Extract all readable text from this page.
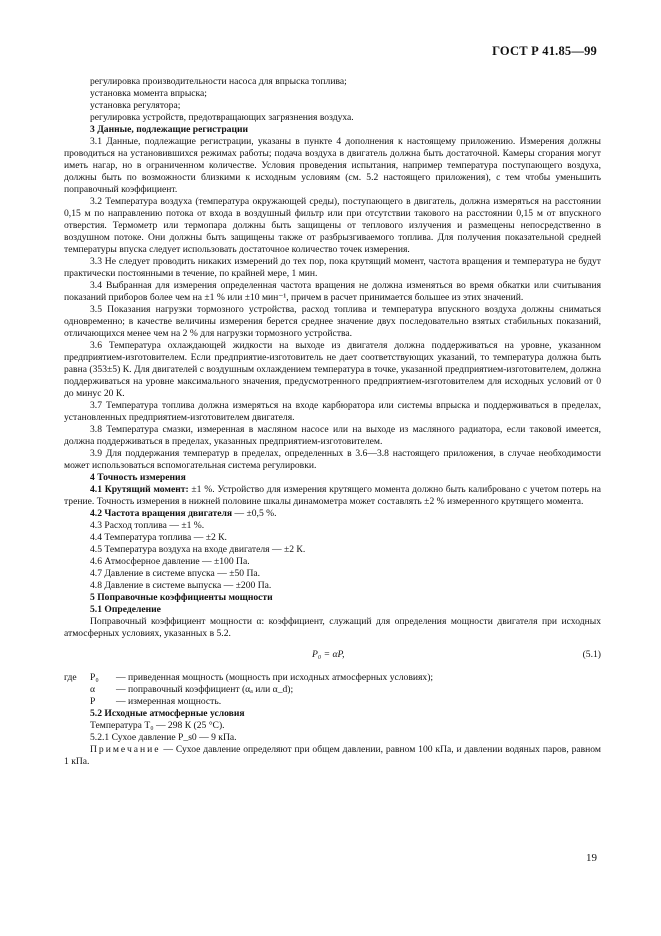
ГОСТ Р 41.85—99

регулировка производительности насоса для впрыска топлива;

установка момента впрыска;

установка регулятора;

регулировка устройств, предотвращающих загрязнения воздуха.

3 Данные, подлежащие регистрации

3.1 Данные, подлежащие регистрации, указаны в пункте 4 дополнения к настоящему приложению. Измерения должны проводиться на установившихся режимах работы; подача воздуха в двигатель должна быть достаточной. Камеры сгорания могут иметь нагар, но в ограниченном количестве. Условия проведения испытания, например температура поступающего воздуха, должны быть по возможности близкими к исходным условиям (см. 5.2 настоящего приложения), с тем чтобы уменьшить поправочный коэффициент.

3.2 Температура воздуха (температура окружающей среды), поступающего в двигатель, должна измеряться на расстоянии 0,15 м по направлению потока от входа в воздушный фильтр или при отсутствии такового на расстоянии 0,15 м от впускного отверстия. Термометр или термопара должны быть защищены от теплового излучения и размещены непосредственно в воздушном потоке. Они должны быть защищены также от разбрызгиваемого топлива. Для получения показательной средней температуры впуска следует использовать достаточное количество точек измерения.

3.3 Не следует проводить никаких измерений до тех пор, пока крутящий момент, частота вращения и температура не будут практически постоянными в течение, по крайней мере, 1 мин.

3.4 Выбранная для измерения определенная частота вращения не должна изменяться во время обкатки или считывания показаний приборов более чем на ±1 % или ±10 мин⁻¹, причем в расчет принимается большее из этих значений.

3.5 Показания нагрузки тормозного устройства, расход топлива и температура впускного воздуха должны сниматься одновременно; в качестве величины измерения берется среднее значение двух последовательно взятых стабильных показаний, отличающихся менее чем на 2 % для нагрузки тормозного устройства.

3.6 Температура охлаждающей жидкости на выходе из двигателя должна поддерживаться на уровне, указанном предприятием-изготовителем. Если предприятие-изготовитель не дает соответствующих указаний, то температура должна быть равна (353±5) К. Для двигателей с воздушным охлаждением температура в точке, указанной предприятием-изготовителем, должна поддерживаться на уровне максимального значения, предусмотренного предприятием-изготовителем для исходных условий от 0 до минус 20 К.

3.7 Температура топлива должна измеряться на входе карбюратора или системы впрыска и поддерживаться в пределах, установленных предприятием-изготовителем двигателя.

3.8 Температура смазки, измеренная в масляном насосе или на выходе из масляного радиатора, если таковой имеется, должна поддерживаться в пределах, указанных предприятием-изготовителем.

3.9 Для поддержания температур в пределах, определенных в 3.6—3.8 настоящего приложения, в случае необходимости может использоваться вспомогательная система регулировки.

4 Точность измерения

4.1 Крутящий момент: ±1 %. Устройство для измерения крутящего момента должно быть калибровано с учетом потерь на трение. Точность измерения в нижней половине шкалы динамометра может составлять ±2 % измеренного крутящего момента.

4.2 Частота вращения двигателя — ±0,5 %.

4.3 Расход топлива — ±1 %.

4.4 Температура топлива — ±2 К.

4.5 Температура воздуха на входе двигателя — ±2 К.

4.6 Атмосферное давление — ±100 Па.

4.7 Давление в системе впуска — ±50 Па.

4.8 Давление в системе выпуска — ±200 Па.

5 Поправочные коэффициенты мощности

5.1 Определение

Поправочный коэффициент мощности α: коэффициент, служащий для определения мощности двигателя при исходных атмосферных условиях, указанных в 5.2.

P₀ = αP,	(5.1)
где	P₀	— приведенная мощность (мощность при исходных атмосферных условиях);
α	— поправочный коэффициент (αₐ или α_d);
P	— измеренная мощность.

5.2 Исходные атмосферные условия

Температура T₀ — 298 К (25 °С).

5.2.1 Сухое давление P_s0 — 9 кПа.

Примечание — Сухое давление определяют при общем давлении, равном 100 кПа, и давлении водяных паров, равном 1 кПа.

19
